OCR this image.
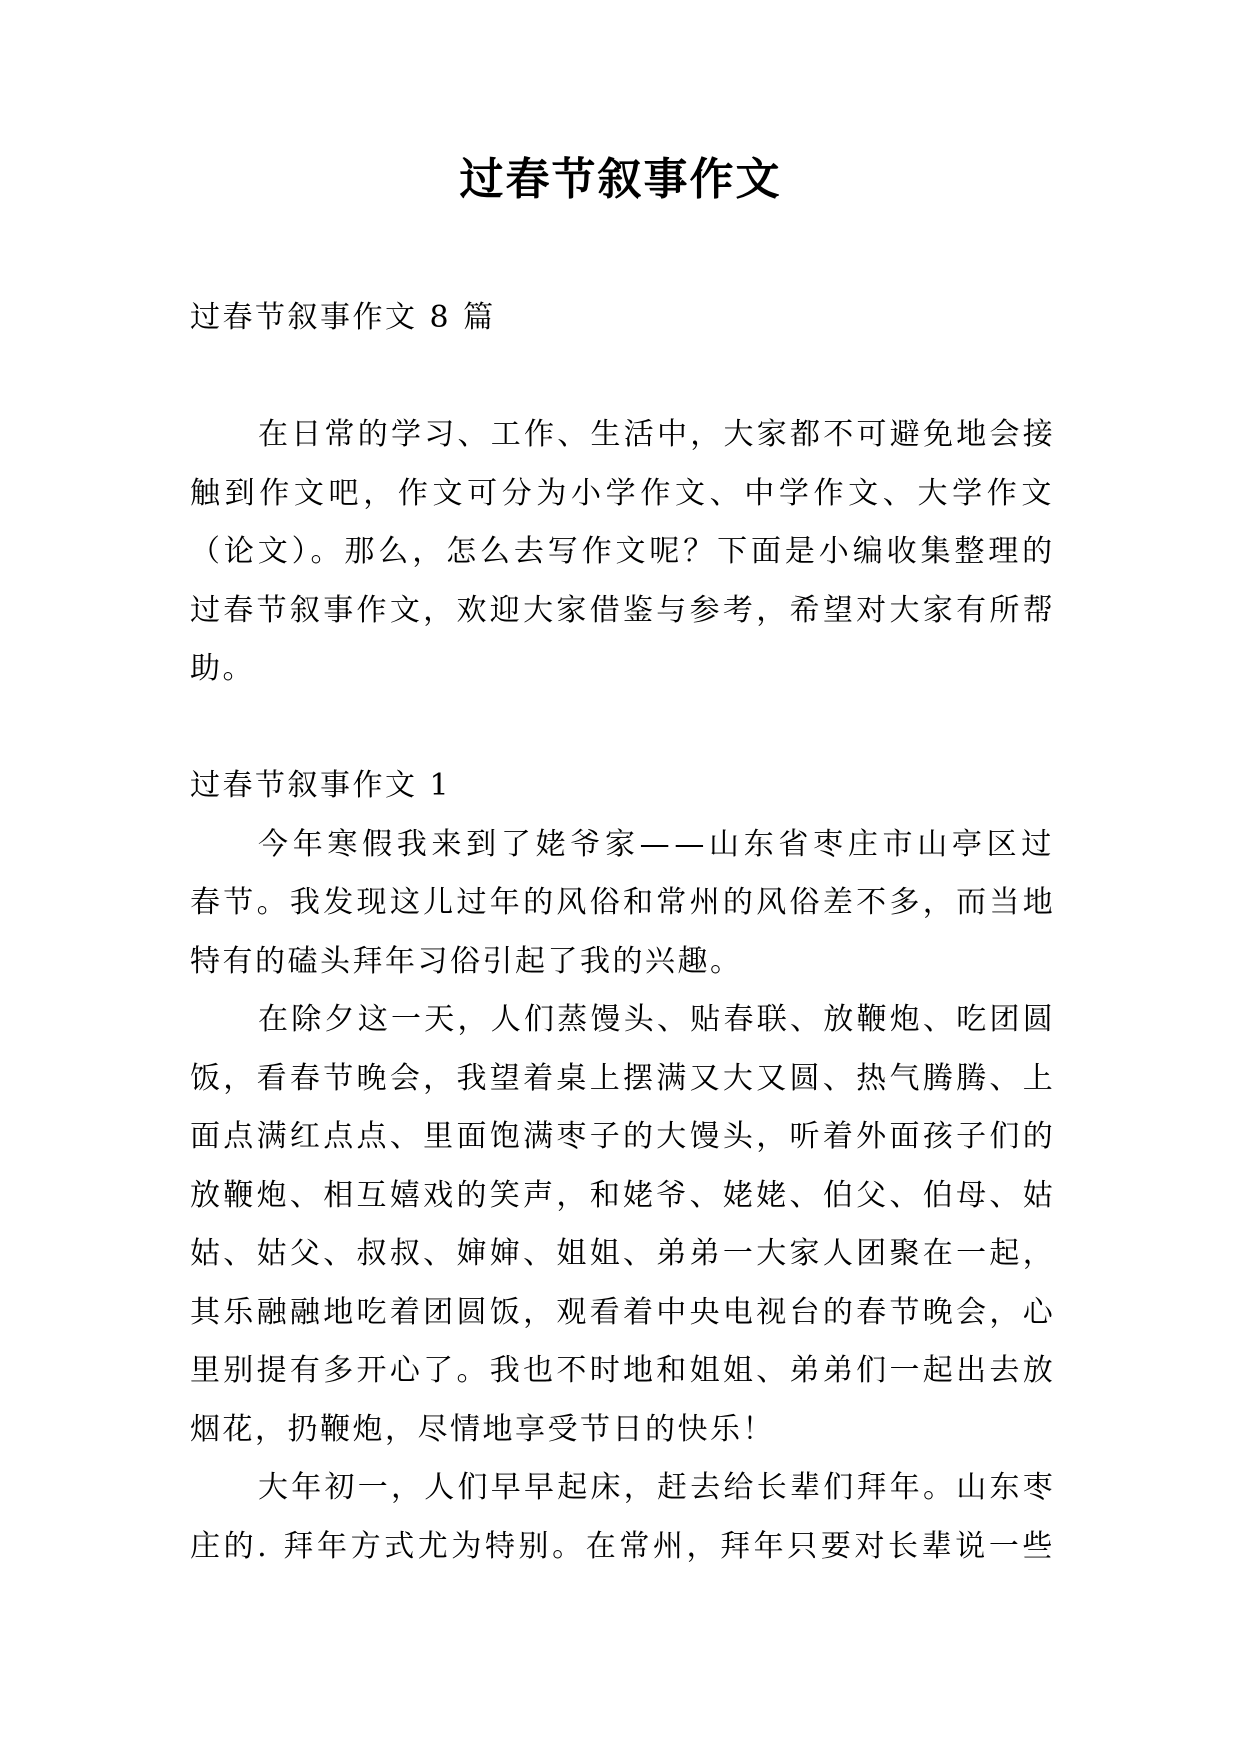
过春节叙事作文
过春节叙事作文 8 篇
在日常的学习、工作、生活中，大家都不可避免地会接
触到作文吧，作文可分为小学作文、中学作文、大学作文
（论文）。那么，怎么去写作文呢？下面是小编收集整理的
过春节叙事作文，欢迎大家借鉴与参考，希望对大家有所帮
助。
过春节叙事作文 1
今年寒假我来到了姥爷家——山东省枣庄市山亭区过
春节。我发现这儿过年的风俗和常州的风俗差不多，而当地
特有的磕头拜年习俗引起了我的兴趣。
在除夕这一天，人们蒸馒头、贴春联、放鞭炮、吃团圆
饭，看春节晚会，我望着桌上摆满又大又圆、热气腾腾、上
面点满红点点、里面饱满枣子的大馒头，听着外面孩子们的
放鞭炮、相互嬉戏的笑声，和姥爷、姥姥、伯父、伯母、姑
姑、姑父、叔叔、婶婶、姐姐、弟弟一大家人团聚在一起，
其乐融融地吃着团圆饭，观看着中央电视台的春节晚会，心
里别提有多开心了。我也不时地和姐姐、弟弟们一起出去放
烟花，扔鞭炮，尽情地享受节日的快乐！
大年初一，人们早早起床，赶去给长辈们拜年。山东枣
庄的. 拜年方式尤为特别。在常州，拜年只要对长辈说一些
